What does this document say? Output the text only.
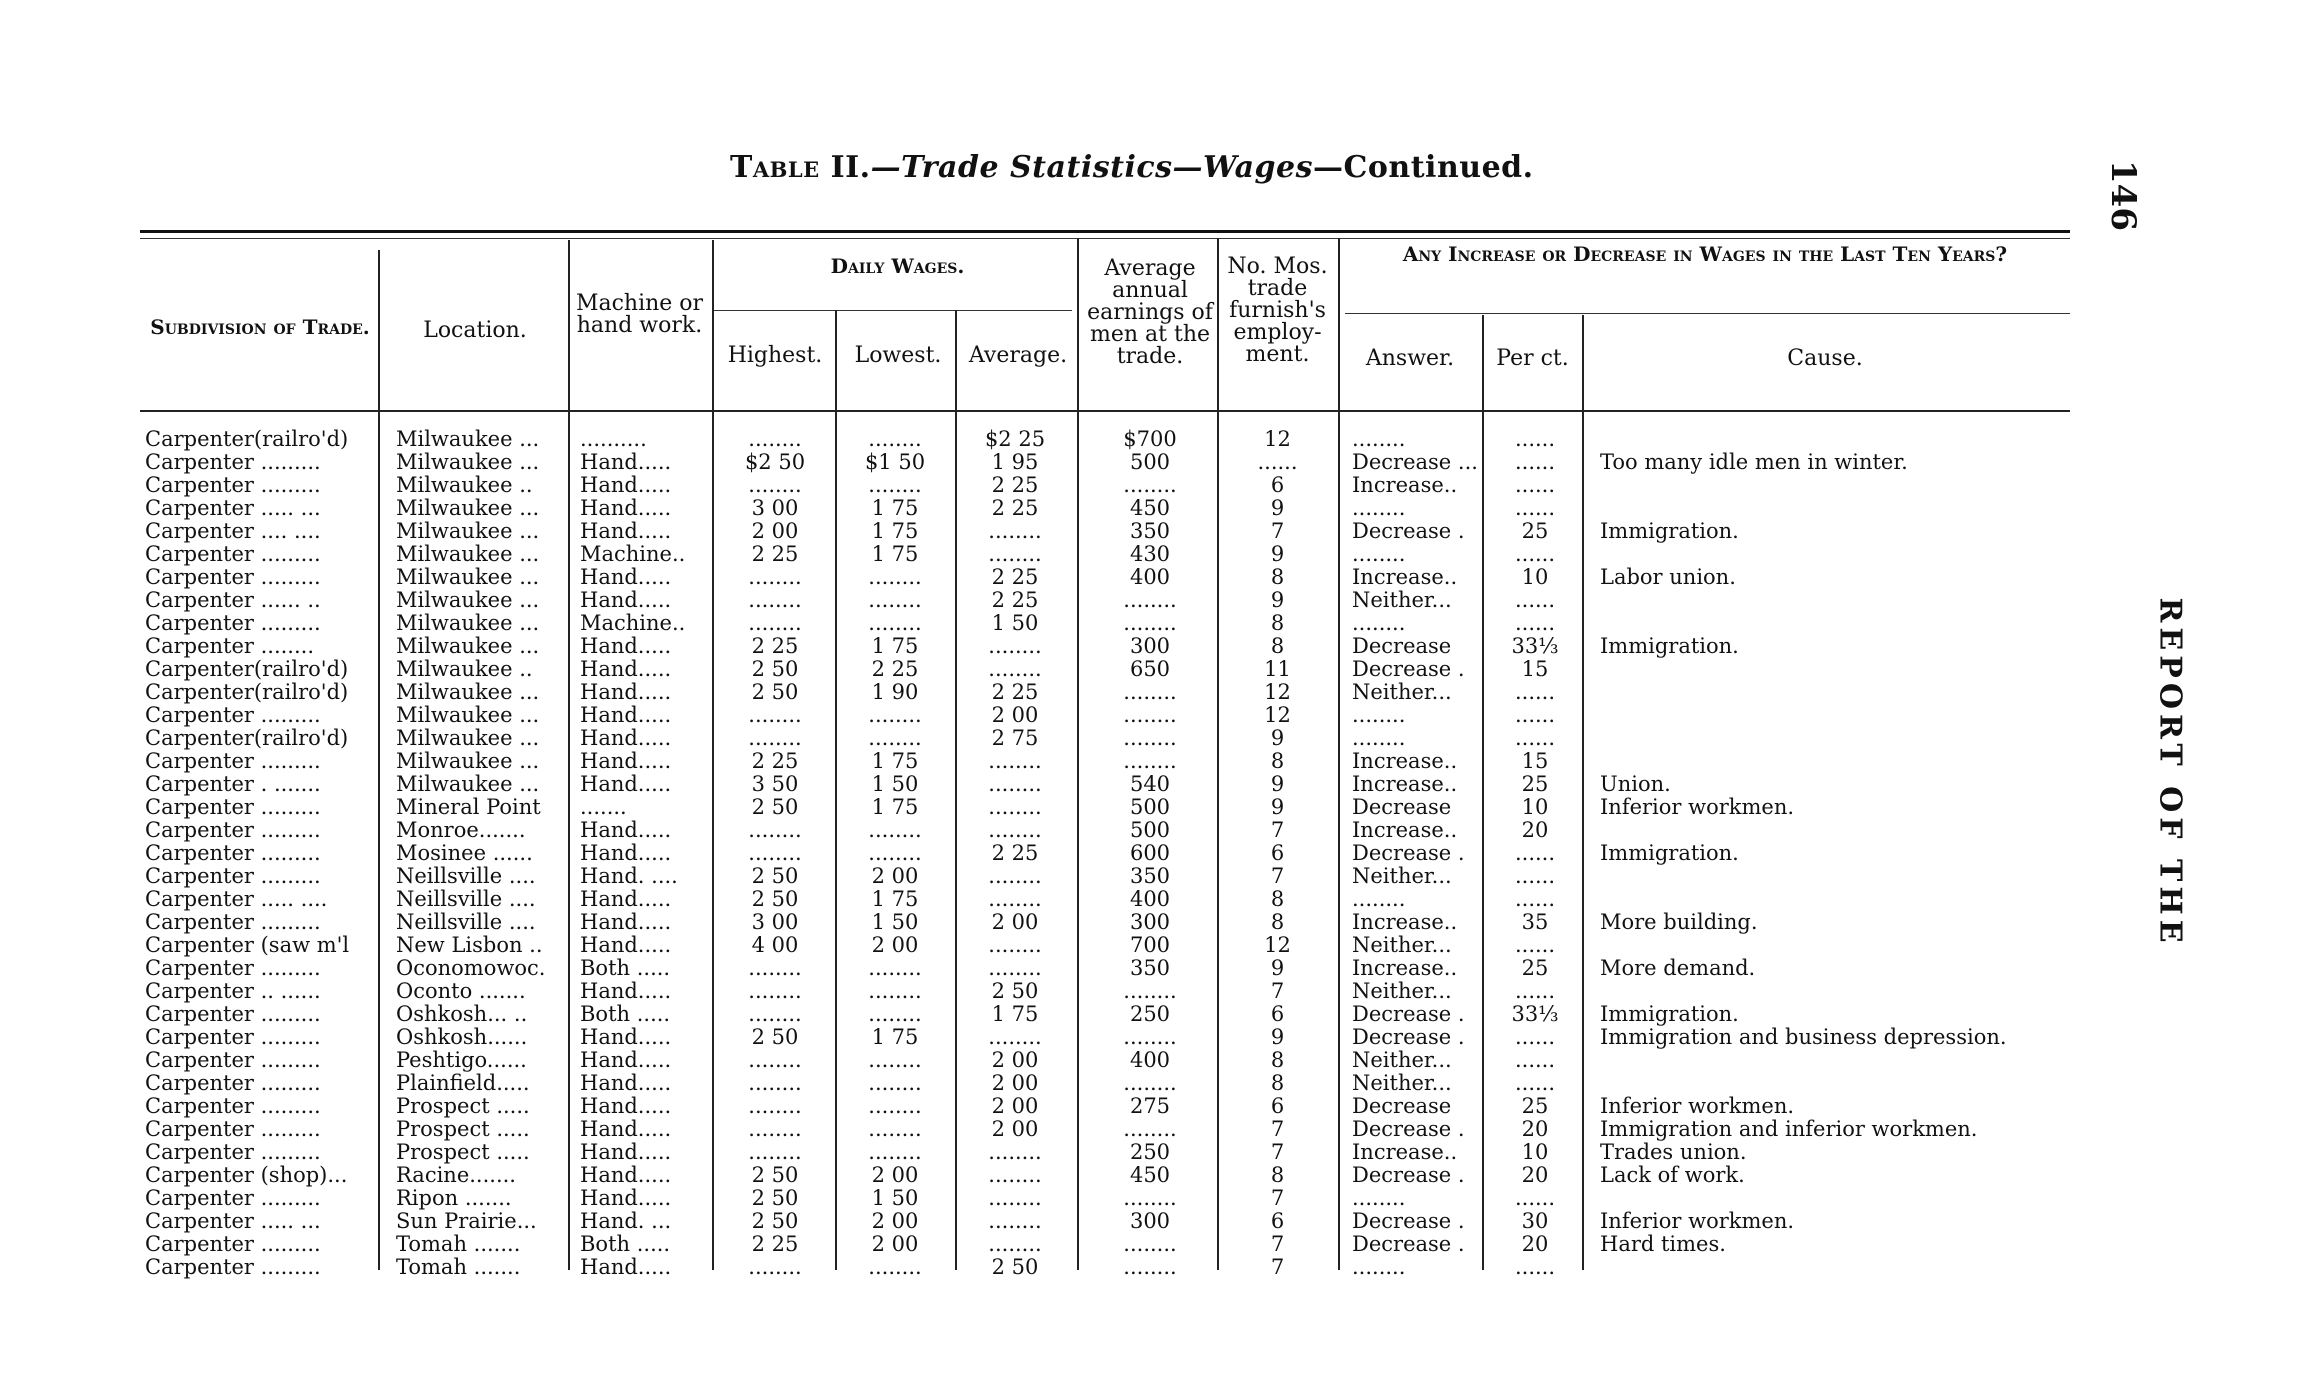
Table II.—Trade Statistics—Wages—Continued.	146
REPORT OF THE
Subdivision of Trade.	Location.
Machine or hand work.
Daily Wages.
Highest.	Lowest.	Average.
Average annual earnings of men at the trade.
No. Mos. trade furnish's employ-ment.
Any Increase or Decrease in Wages in the Last Ten Years?
Answer.	Per ct.	Cause.
Carpenter(railro'd)	Milwaukee ...	..........	........	........	$2 25	$700	12	........	......
Carpenter .........	Milwaukee ...	Hand.....	$2 50	$1 50	1 95	500	......	Decrease ...	......	Too many idle men in winter.
Carpenter .........	Milwaukee ..	Hand.....	........	........	2 25	........	6	Increase..	......
Carpenter ..... ...	Milwaukee ...	Hand.....	3 00	1 75	2 25	450	9	........	......
Carpenter .... ....	Milwaukee ...	Hand.....	2 00	1 75	........	350	7	Decrease .	25	Immigration.
Carpenter .........	Milwaukee ...	Machine..	2 25	1 75	........	430	9	........	......
Carpenter .........	Milwaukee ...	Hand.....	........	........	2 25	400	8	Increase..	10	Labor union.
Carpenter ...... ..	Milwaukee ...	Hand.....	........	........	2 25	........	9	Neither...	......
Carpenter .........	Milwaukee ...	Machine..	........	........	1 50	........	8	........	......
Carpenter ........	Milwaukee ...	Hand.....	2 25	1 75	........	300	8	Decrease	33⅓	Immigration.
Carpenter(railro'd)	Milwaukee ..	Hand.....	2 50	2 25	........	650	11	Decrease .	15
Carpenter(railro'd)	Milwaukee ...	Hand.....	2 50	1 90	2 25	........	12	Neither...	......
Carpenter .........	Milwaukee ...	Hand.....	........	........	2 00	........	12	........	......
Carpenter(railro'd)	Milwaukee ...	Hand.....	........	........	2 75	........	9	........	......
Carpenter .........	Milwaukee ...	Hand.....	2 25	1 75	........	........	8	Increase..	15
Carpenter . .......	Milwaukee ...	Hand.....	3 50	1 50	........	540	9	Increase..	25	Union.
Carpenter .........	Mineral Point	.......	2 50	1 75	........	500	9	Decrease	10	Inferior workmen.
Carpenter .........	Monroe.......	Hand.....	........	........	........	500	7	Increase..	20
Carpenter .........	Mosinee ......	Hand.....	........	........	2 25	600	6	Decrease .	......	Immigration.
Carpenter .........	Neillsville ....	Hand. ....	2 50	2 00	........	350	7	Neither...	......
Carpenter ..... ....	Neillsville ....	Hand.....	2 50	1 75	........	400	8	........	......
Carpenter .........	Neillsville ....	Hand.....	3 00	1 50	2 00	300	8	Increase..	35	More building.
Carpenter (saw m'l	New Lisbon ..	Hand.....	4 00	2 00	........	700	12	Neither...	......
Carpenter .........	Oconomowoc.	Both .....	........	........	........	350	9	Increase..	25	More demand.
Carpenter .. ......	Oconto .......	Hand.....	........	........	2 50	........	7	Neither...	......
Carpenter .........	Oshkosh... ..	Both .....	........	........	1 75	250	6	Decrease .	33⅓	Immigration.
Carpenter .........	Oshkosh......	Hand.....	2 50	1 75	........	........	9	Decrease .	......	Immigration and business depression.
Carpenter .........	Peshtigo......	Hand.....	........	........	2 00	400	8	Neither...	......
Carpenter .........	Plainfield.....	Hand.....	........	........	2 00	........	8	Neither...	......
Carpenter .........	Prospect .....	Hand.....	........	........	2 00	275	6	Decrease	25	Inferior workmen.
Carpenter .........	Prospect .....	Hand.....	........	........	2 00	........	7	Decrease .	20	Immigration and inferior workmen.
Carpenter .........	Prospect .....	Hand.....	........	........	........	250	7	Increase..	10	Trades union.
Carpenter (shop)...	Racine.......	Hand.....	2 50	2 00	........	450	8	Decrease .	20	Lack of work.
Carpenter .........	Ripon .......	Hand.....	2 50	1 50	........	........	7	........	......
Carpenter ..... ...	Sun Prairie...	Hand. ...	2 50	2 00	........	300	6	Decrease .	30	Inferior workmen.
Carpenter .........	Tomah .......	Both .....	2 25	2 00	........	........	7	Decrease .	20	Hard times.
Carpenter .........	Tomah .......	Hand.....	........	........	2 50	........	7	........	......
